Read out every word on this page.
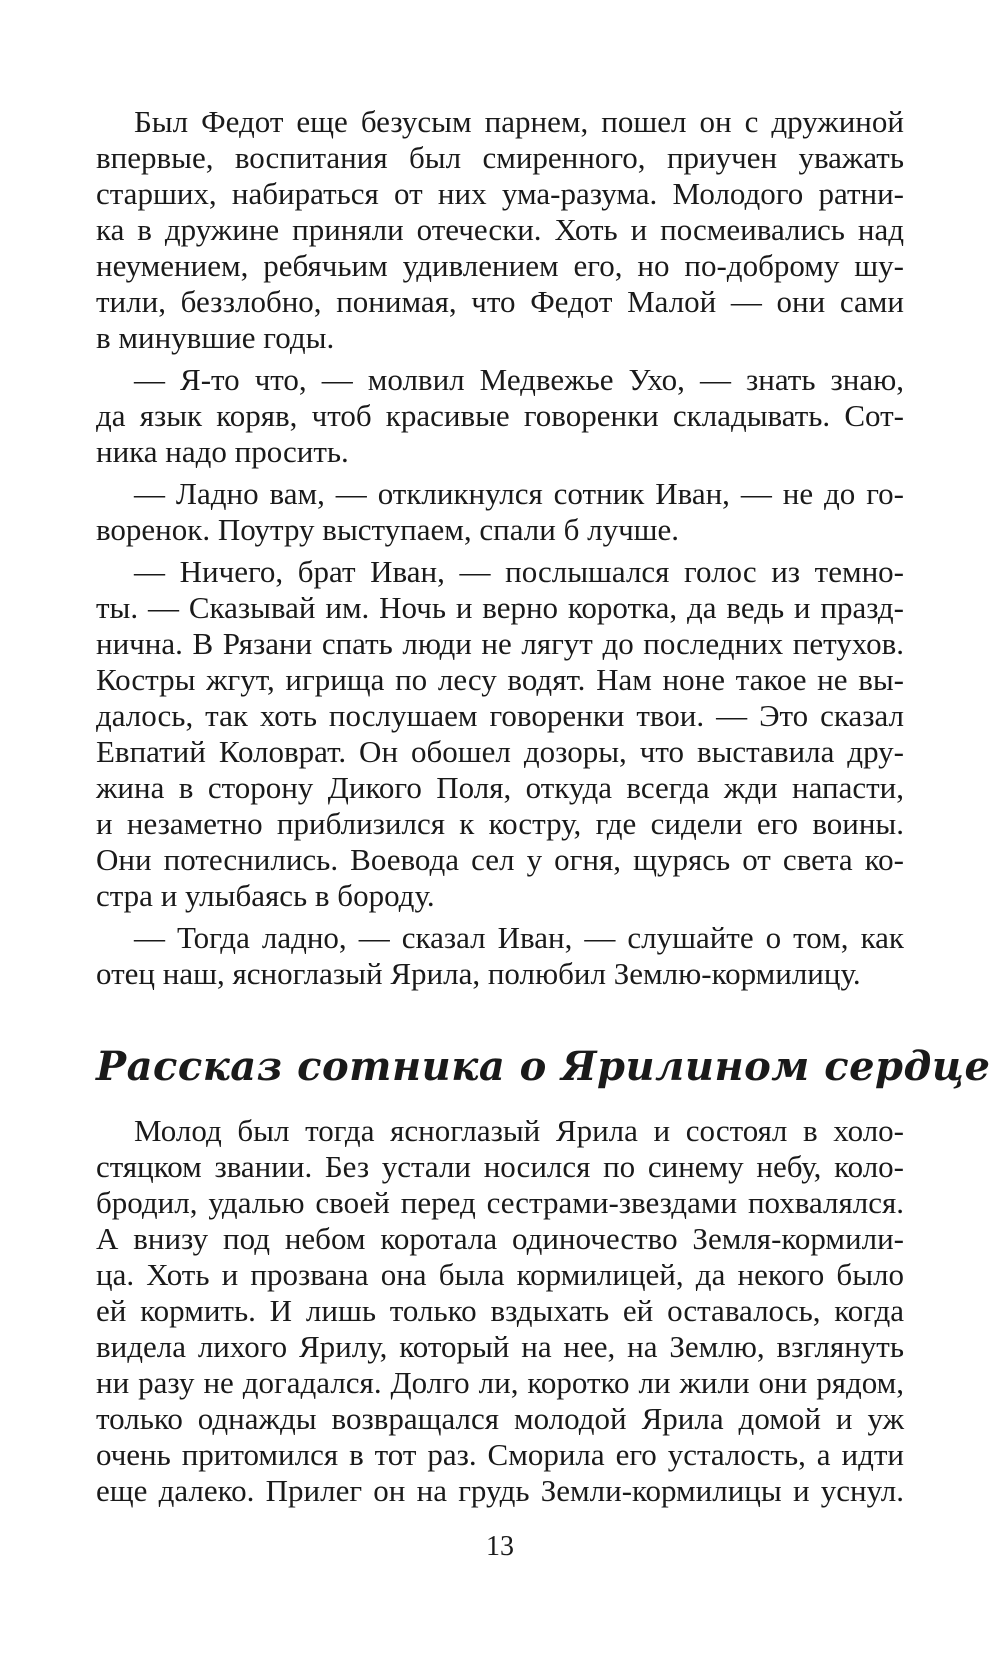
Был Федот еще безусым парнем, пошел он с дружиной
впервые, воспитания был смиренного, приучен уважать
старших, набираться от них ума-разума. Молодого ратни-
ка в дружине приняли отечески. Хоть и посмеивались над
неумением, ребячьим удивлением его, но по-доброму шу-
тили, беззлобно, понимая, что Федот Малой — они сами
в минувшие годы.

— Я-то что, — молвил Медвежье Ухо, — знать знаю,
да язык коряв, чтоб красивые говоренки складывать. Сот-
ника надо просить.

— Ладно вам, — откликнулся сотник Иван, — не до го-
воренок. Поутру выступаем, спали б лучше.

— Ничего, брат Иван, — послышался голос из темно-
ты. — Сказывай им. Ночь и верно коротка, да ведь и празд-
нична. В Рязани спать люди не лягут до последних петухов.
Костры жгут, игрища по лесу водят. Нам ноне такое не вы-
далось, так хоть послушаем говоренки твои. — Это сказал
Евпатий Коловрат. Он обошел дозоры, что выставила дру-
жина в сторону Дикого Поля, откуда всегда жди напасти,
и незаметно приблизился к костру, где сидели его воины.
Они потеснились. Воевода сел у огня, щурясь от света ко-
стра и улыбаясь в бороду.

— Тогда ладно, — сказал Иван, — слушайте о том, как
отец наш, ясноглазый Ярила, полюбил Землю-кормилицу.

Рассказ сотника о Ярилином сердце

Молод был тогда ясноглазый Ярила и состоял в холо-
стяцком звании. Без устали носился по синему небу, коло-
бродил, удалью своей перед сестрами-звездами похвалялся.
А внизу под небом коротала одиночество Земля-кормили-
ца. Хоть и прозвана она была кормилицей, да некого было
ей кормить. И лишь только вздыхать ей оставалось, когда
видела лихого Ярилу, который на нее, на Землю, взглянуть
ни разу не догадался. Долго ли, коротко ли жили они рядом,
только однажды возвращался молодой Ярила домой и уж
очень притомился в тот раз. Сморила его усталость, а идти
еще далеко. Прилег он на грудь Земли-кормилицы и уснул.

13
